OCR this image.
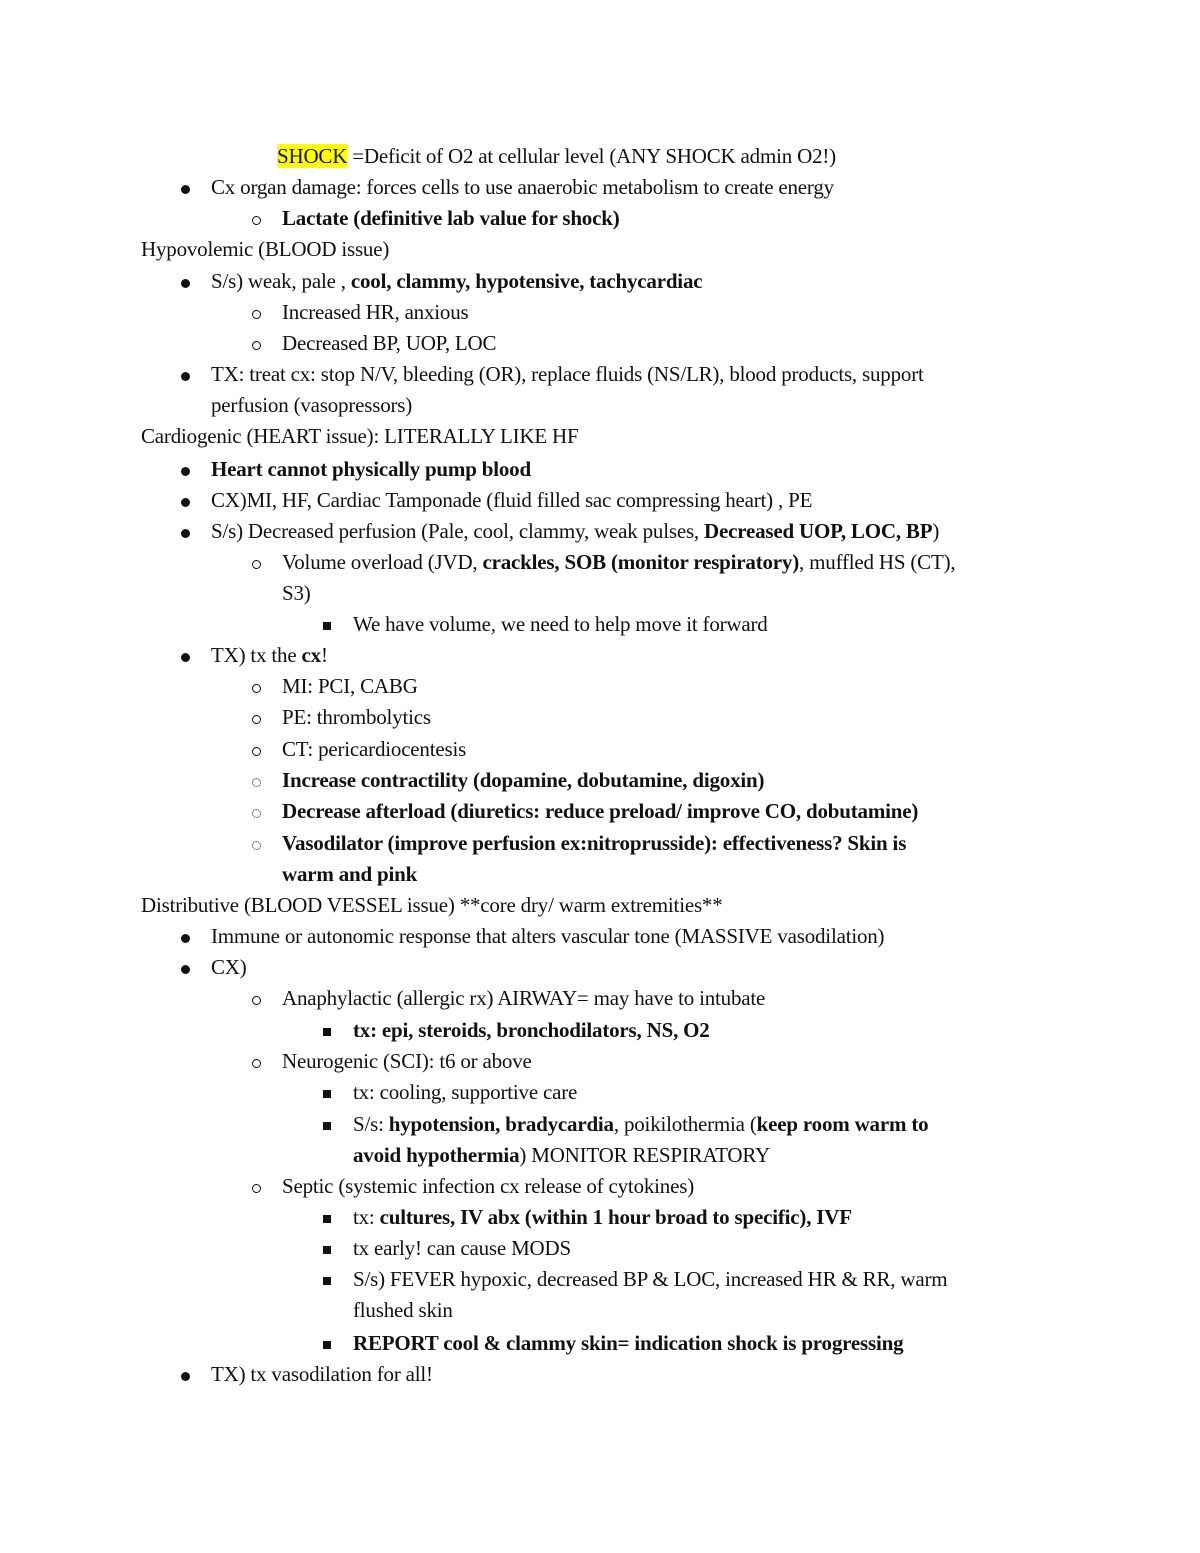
SHOCK =Deficit of O2 at cellular level (ANY SHOCK admin O2!)
Cx organ damage: forces cells to use anaerobic metabolism to create energy
Lactate (definitive lab value for shock)
Hypovolemic (BLOOD issue)
S/s) weak, pale , cool, clammy, hypotensive, tachycardiac
Increased HR, anxious
Decreased BP, UOP, LOC
TX: treat cx: stop N/V, bleeding (OR), replace fluids (NS/LR), blood products, support
perfusion (vasopressors)
Cardiogenic (HEART issue): LITERALLY LIKE HF
Heart cannot physically pump blood
CX)MI, HF, Cardiac Tamponade (fluid filled sac compressing heart) , PE
S/s) Decreased perfusion (Pale, cool, clammy, weak pulses, Decreased UOP, LOC, BP)
Volume overload (JVD, crackles, SOB (monitor respiratory), muffled HS (CT),
S3)
We have volume, we need to help move it forward
TX) tx the cx!
MI: PCI, CABG
PE: thrombolytics
CT: pericardiocentesis
Increase contractility (dopamine, dobutamine, digoxin)
Decrease afterload (diuretics: reduce preload/ improve CO, dobutamine)
Vasodilator (improve perfusion ex:nitroprusside): effectiveness? Skin is
warm and pink
Distributive (BLOOD VESSEL issue) **core dry/ warm extremities**
Immune or autonomic response that alters vascular tone (MASSIVE vasodilation)
CX)
Anaphylactic (allergic rx) AIRWAY= may have to intubate
tx: epi, steroids, bronchodilators, NS, O2
Neurogenic (SCI): t6 or above
tx: cooling, supportive care
S/s: hypotension, bradycardia, poikilothermia (keep room warm to
avoid hypothermia) MONITOR RESPIRATORY
Septic (systemic infection cx release of cytokines)
tx: cultures, IV abx (within 1 hour broad to specific), IVF
tx early! can cause MODS
S/s) FEVER hypoxic, decreased BP & LOC, increased HR & RR, warm
flushed skin
REPORT cool & clammy skin= indication shock is progressing
TX) tx vasodilation for all!
